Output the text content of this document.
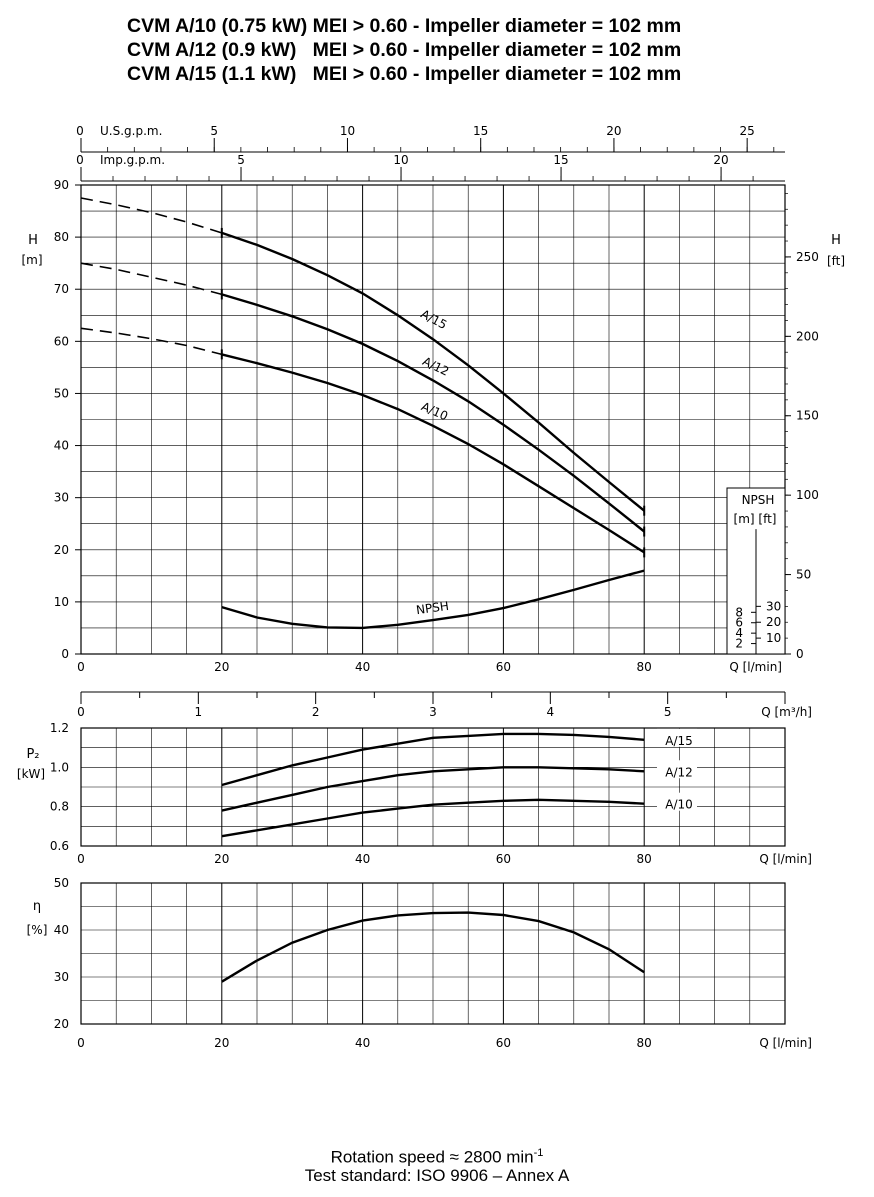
CVM A/10 (0.75 kW) MEI > 0.60 - Impeller diameter = 102 mm
CVM A/12 (0.9 kW)   MEI > 0.60 - Impeller diameter = 102 mm
CVM A/15 (1.1 kW)   MEI > 0.60 - Impeller diameter = 102 mm
0	5	10	15	20	25
U.S.g.p.m.
0	5	10	15	20
Imp.g.p.m.
0
10
20
30
40
50
60
70
80
90
H
[m]
0
50
100
150
200
250
H
[ft]
0	20	40	60	80	Q [l/min]
A/15
A/12
A/10
NPSH
NPSH
[m] [ft]
2
4
6
8
10
20
30
0	1	2	3	4	5	Q [m³/h]
0.6
0.8
1.0
1.2
P₂
[kW]
0	20	40	60	80	Q [l/min]
A/15
A/12
A/10
20
30
40
50
η
[%]
0	20	40	60	80	Q [l/min]
Rotation speed ≈ 2800 $\min^{-1}$
Test standard: ISO 9906 – Annex A
